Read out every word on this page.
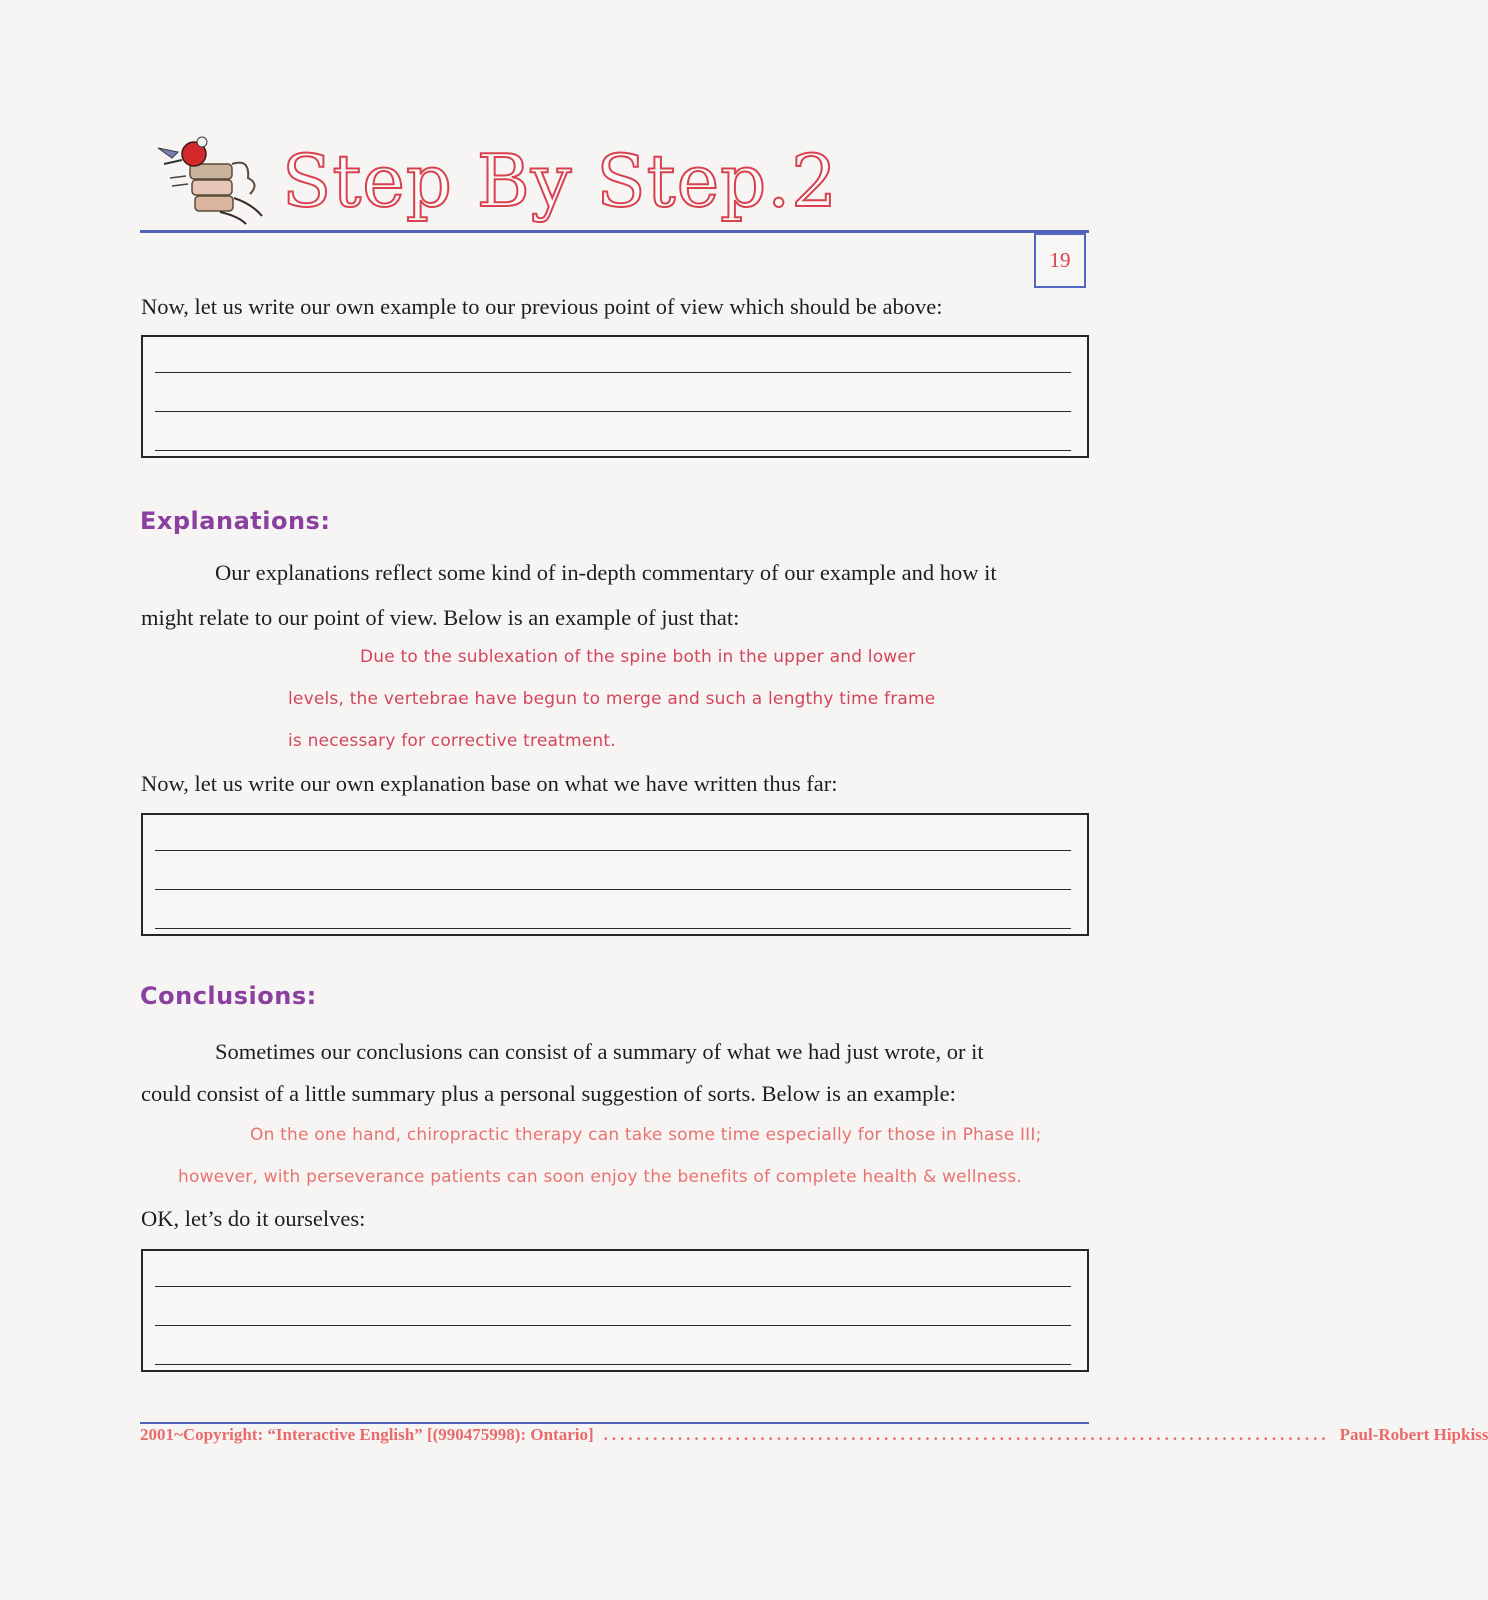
Step By Step.2
19
Now, let us write our own example to our previous point of view which should be above:
Explanations:
Our explanations reflect some kind of in-depth commentary of our example and how it
might relate to our point of view. Below is an example of just that:
Due to the sublexation of the spine both in the upper and lower
levels, the vertebrae have begun to merge and such a lengthy time frame
is necessary for corrective treatment.
Now, let us write our own explanation base on what we have written thus far:
Conclusions:
Sometimes our conclusions can consist of a summary of what we had just wrote, or it
could consist of a little summary plus a personal suggestion of sorts. Below is an example:
On the one hand, chiropractic therapy can take some time especially for those in Phase III;
however, with perseverance patients can soon enjoy the benefits of complete health & wellness.
OK, let’s do it ourselves:
2001~Copyright: “Interactive English” [(990475998): Ontario] ........................................................................................ Paul-Robert Hipkiss
